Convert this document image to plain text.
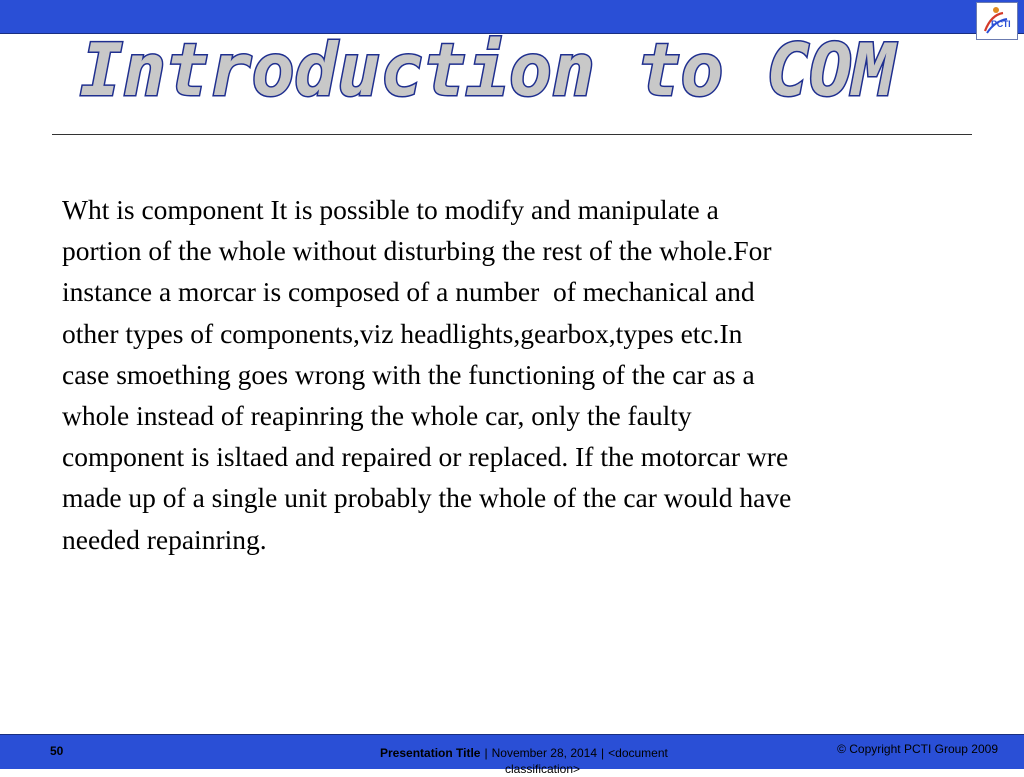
PCTI
Introduction to COM

Wht is component It is possible to modify and manipulate a
portion of the whole without disturbing the rest of the whole.For
instance a morcar is composed of a number  of mechanical and
other types of components,viz headlights,gearbox,types etc.In
case smoething goes wrong with the functioning of the car as a
whole instead of reapinring the whole car, only the faulty
component is isltaed and repaired or replaced. If the motorcar wre
made up of a single unit probably the whole of the car would have
needed repainring.

50	Presentation Title | November 28, 2014 | <document
classification>
© Copyright PCTI Group 2009
